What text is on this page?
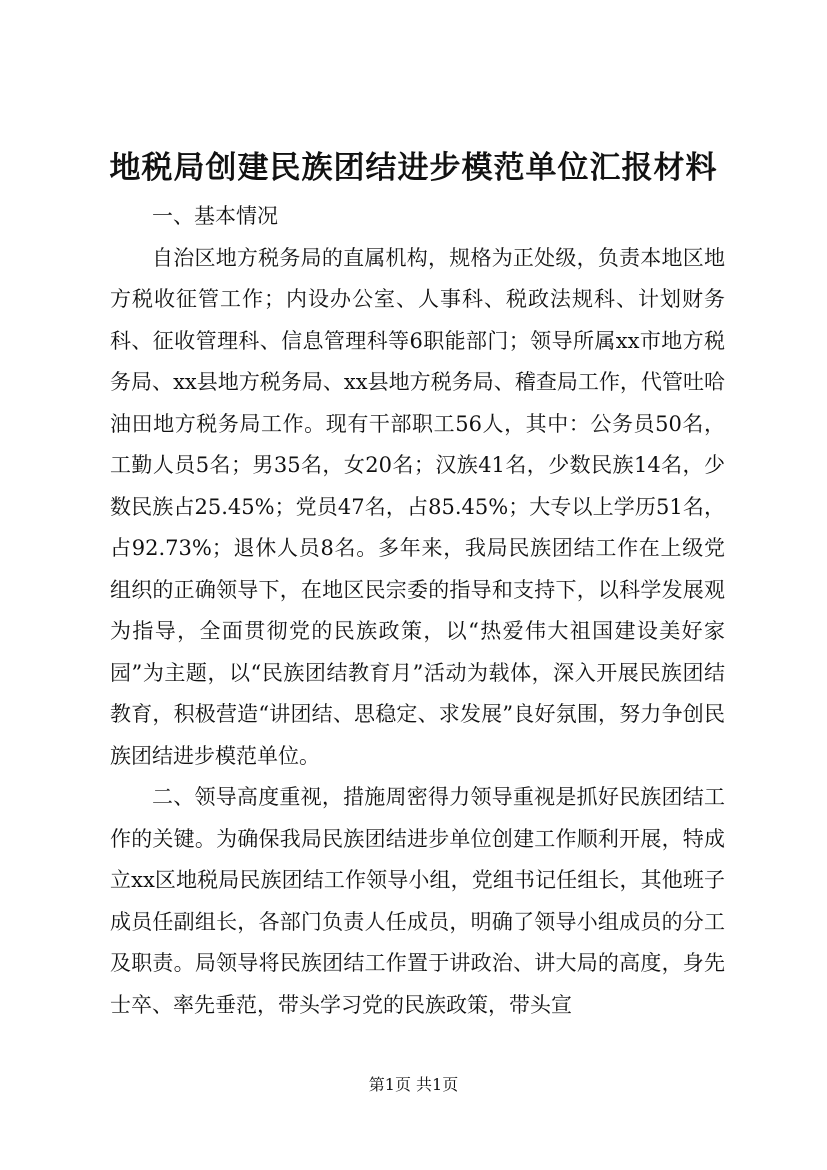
地税局创建民族团结进步模范单位汇报材料

一、基本情况

自治区地方税务局的直属机构，规格为正处级，负责本地区地方税收征管工作；内设办公室、人事科、税政法规科、计划财务科、征收管理科、信息管理科等6职能部门；领导所属xx市地方税务局、xx县地方税务局、xx县地方税务局、稽查局工作，代管吐哈油田地方税务局工作。现有干部职工56人，其中：公务员50名，工勤人员5名；男35名，女20名；汉族41名，少数民族14名，少数民族占25.45%；党员47名，占85.45%；大专以上学历51名，占92.73%；退休人员8名。多年来，我局民族团结工作在上级党组织的正确领导下，在地区民宗委的指导和支持下，以科学发展观为指导，全面贯彻党的民族政策，以“热爱伟大祖国建设美好家园”为主题，以“民族团结教育月”活动为载体，深入开展民族团结教育，积极营造“讲团结、思稳定、求发展”良好氛围，努力争创民族团结进步模范单位。

二、领导高度重视，措施周密得力领导重视是抓好民族团结工作的关键。为确保我局民族团结进步单位创建工作顺利开展，特成立xx区地税局民族团结工作领导小组，党组书记任组长，其他班子成员任副组长，各部门负责人任成员，明确了领导小组成员的分工及职责。局领导将民族团结工作置于讲政治、讲大局的高度，身先士卒、率先垂范，带头学习党的民族政策，带头宣

第1页 共1页
